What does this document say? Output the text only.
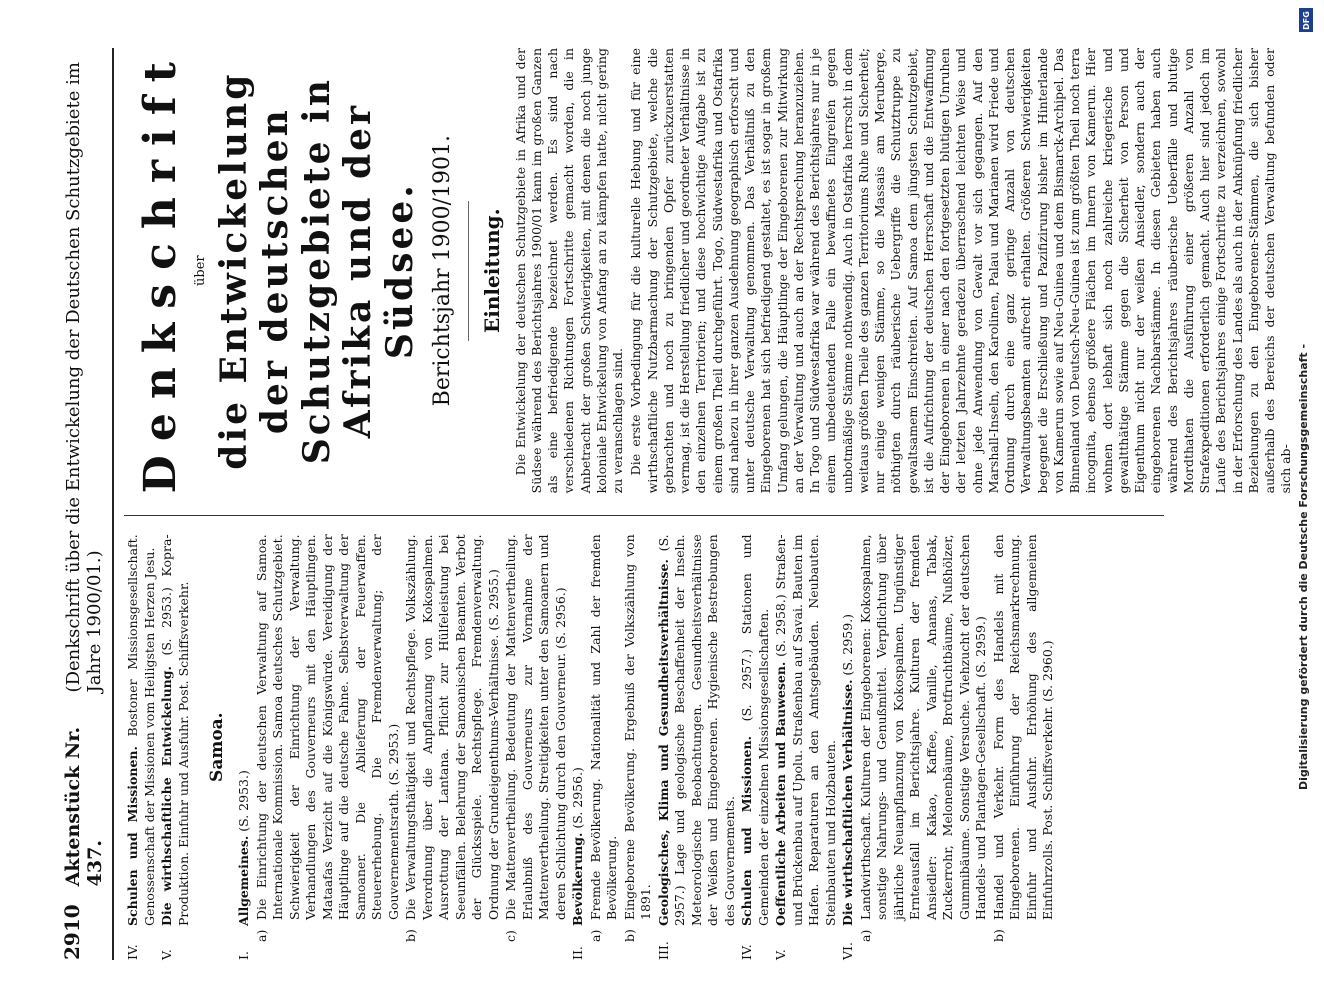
2910
Aktenstück Nr. 437.
(Denkschrift über die Entwickelung der Deutschen Schutzgebiete im Jahre 1900/01.)
IV.
Schulen und Missionen. Bostoner Missionsgesellschaft. Genossenschaft der Missionen vom Heiligsten Herzen Jesu.
V.
Die wirthschaftliche Entwickelung. (S. 2953.) Kopra-Produktion. Einfuhr und Ausfuhr. Post. Schiffsverkehr. Samoa.
I.
Allgemeines. (S. 2953.)
a)
Die Einrichtung der deutschen Verwaltung auf Samoa. Internationale Kommission. Samoa deutsches Schutzgebiet. Schwierigkeit der Einrichtung der Verwaltung. Verhandlungen des Gouverneurs mit den Häuptlingen. Mataafas Verzicht auf die Königswürde. Vereidigung der Häuptlinge auf die deutsche Fahne. Selbstverwaltung der Samoaner. Die Ablieferung der Feuerwaffen. Steuererhebung. Die Fremdenverwaltung; der Gouvernementsrath. (S. 2953.)
b)
Die Verwaltungsthätigkeit und Rechtspflege. Volkszählung. Verordnung über die Anpflanzung von Kokospalmen. Ausrottung der Lantana. Pflicht zur Hülfeleistung bei Seeunfällen. Belehrung der Samoanischen Beamten. Verbot der Glücksspiele. Rechtspflege. Fremdenverwaltung. Ordnung der Grundeigenthums-Verhältnisse. (S. 2955.)
c)
Die Mattenvertheilung. Bedeutung der Mattenvertheilung. Erlaubniß des Gouverneurs zur Vornahme der Mattenvertheilung. Streitigkeiten unter den Samoanern und deren Schlichtung durch den Gouverneur. (S. 2956.)
II.
Bevölkerung. (S. 2956.)
a)
Fremde Bevölkerung. Nationalität und Zahl der fremden Bevölkerung.
b)
Eingeborene Bevölkerung. Ergebniß der Volkszählung von 1891.
III.
Geologisches, Klima und Gesundheitsverhältnisse. (S. 2957.) Lage und geologische Beschaffenheit der Inseln. Meteorologische Beobachtungen. Gesundheitsverhältnisse der Weißen und Eingeborenen. Hygienische Bestrebungen des Gouvernements.
IV.
Schulen und Missionen. (S. 2957.) Stationen und Gemeinden der einzelnen Missionsgesellschaften.
V.
Oeffentliche Arbeiten und Bauwesen. (S. 2958.) Straßen- und Brückenbau auf Upolu. Straßenbau auf Savai. Bauten im Hafen. Reparaturen an den Amtsgebäuden. Neubauten. Steinbauten und Holzbauten.
VI.
Die wirthschaftlichen Verhältnisse. (S. 2959.)
a)
Landwirthschaft. Kulturen der Eingeborenen: Kokospalmen, sonstige Nahrungs- und Genußmittel. Verpflichtung über jährliche Neuanpflanzung von Kokospalmen. Ungünstiger Ernteausfall im Berichtsjahre. Kulturen der fremden Ansiedler: Kakao, Kaffee, Vanille, Ananas, Tabak, Zuckerrohr, Melonenbäume, Brotfruchtbäume, Nußhölzer, Gummibäume. Sonstige Versuche. Viehzucht der deutschen Handels- und Plantagen-Gesellschaft. (S. 2959.)
b)
Handel und Verkehr. Form des Handels mit den Eingeborenen. Einführung der Reichsmarkrechnung. Einfuhr und Ausfuhr. Erhöhung des allgemeinen Einfuhrzolls. Post. Schiffsverkehr. (S. 2960.)
Denkschrift über die Entwickelung der deutschen Schutzgebiete in Afrika und der Südsee. Berichtsjahr 1900/1901. Einleitung. Die Entwickelung der deutschen Schutzgebiete in Afrika und der Südsee während des Berichtsjahres 1900/01 kann im großen Ganzen als eine befriedigende bezeichnet werden. Es sind nach verschiedenen Richtungen Fortschritte gemacht worden, die in Anbetracht der großen Schwierigkeiten, mit denen die noch junge koloniale Entwickelung von Anfang an zu kämpfen hatte, nicht gering zu veranschlagen sind. Die erste Vorbedingung für die kulturelle Hebung und für eine wirthschaftliche Nutzbarmachung der Schutzgebiete, welche die gebrachten und noch zu bringenden Opfer zurückzuerstatten vermag, ist die Herstellung friedlicher und geordneter Verhältnisse in den einzelnen Territorien; und diese hochwichtige Aufgabe ist zu einem großen Theil durchgeführt. Togo, Südwestafrika und Ostafrika sind nahezu in ihrer ganzen Ausdehnung geographisch erforscht und unter deutsche Verwaltung genommen. Das Verhältniß zu den Eingeborenen hat sich befriedigend gestaltet, es ist sogar in großem Umfang gelungen, die Häuptlinge der Eingeborenen zur Mitwirkung an der Verwaltung und auch an der Rechtsprechung heranzuziehen. In Togo und Südwestafrika war während des Berichtsjahres nur in je einem unbedeutenden Falle ein bewaffnetes Eingreifen gegen unbotmäßige Stämme nothwendig. Auch in Ostafrika herrscht in dem weitaus größten Theile des ganzen Territoriums Ruhe und Sicherheit; nur einige wenigen Stämme, so die Massais am Meruberge, nöthigten durch räuberische Uebergriffe die Schutztruppe zu gewaltsamem Einschreiten. Auf Samoa dem jüngsten Schutzgebiet, ist die Aufrichtung der deutschen Herrschaft und die Entwaffnung der Eingeborenen in einer nach den fortgesetzten blutigen Unruhen der letzten Jahrzehnte geradezu überraschend leichten Weise und ohne jede Anwendung von Gewalt vor sich gegangen. Auf den Marshall-Inseln, den Karolinen, Palau und Marianen wird Friede und Ordnung durch eine ganz geringe Anzahl von deutschen Verwaltungsbeamten aufrecht erhalten. Größeren Schwierigkeiten begegnet die Erschließung und Pazifizirung bisher im Hinterlande von Kamerun sowie auf Neu-Guinea und dem Bismarck-Archipel. Das Binnenland von Deutsch-Neu-Guinea ist zum größten Theil noch terra incognita, ebenso größere Flächen im Innern von Kamerun. Hier wohnen dort lebhaft sich noch zahlreiche kriegerische und gewaltthätige Stämme gegen die Sicherheit von Person und Eigenthum nicht nur der weißen Ansiedler, sondern auch der eingeborenen Nachbarstämme. In diesen Gebieten haben auch während des Berichtsjahres räuberische Ueberfälle und blutige Mordthaten die Ausführung einer größeren Anzahl von Strafexpeditionen erforderlich gemacht. Auch hier sind jedoch im Laufe des Berichtsjahres einige Fortschritte zu verzeichnen, sowohl in der Erforschung des Landes als auch in der Anknüpfung friedlicher Beziehungen zu den Eingeborenen-Stämmen, die sich bisher außerhalb des Bereichs der deutschen Verwaltung befunden oder sich ab- Digitalisierung gefördert durch die Deutsche Forschungsgemeinschaft -
DFG
